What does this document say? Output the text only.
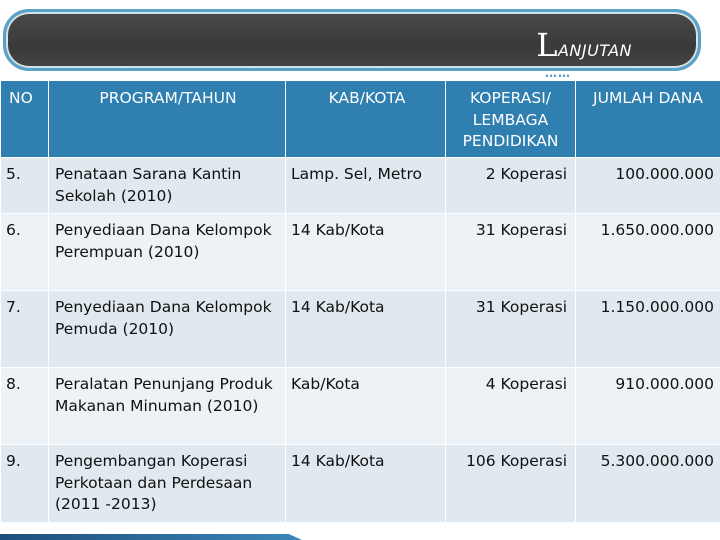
LANJUTAN
……
NO	PROGRAM/TAHUN	KAB/KOTA	KOPERASI/ LEMBAGA PENDIDIKAN	JUMLAH DANA
5.	Penataan Sarana Kantin Sekolah (2010)	Lamp. Sel, Metro	2 Koperasi	100.000.000
6.	Penyediaan Dana Kelompok Perempuan (2010)	14 Kab/Kota	31 Koperasi	1.650.000.000
7.	Penyediaan Dana Kelompok Pemuda (2010)	14 Kab/Kota	31 Koperasi	1.150.000.000
8.	Peralatan Penunjang Produk Makanan Minuman (2010)	Kab/Kota	4 Koperasi	910.000.000
9.	Pengembangan Koperasi Perkotaan dan Perdesaan (2011 -2013)	14 Kab/Kota	106 Koperasi	5.300.000.000
